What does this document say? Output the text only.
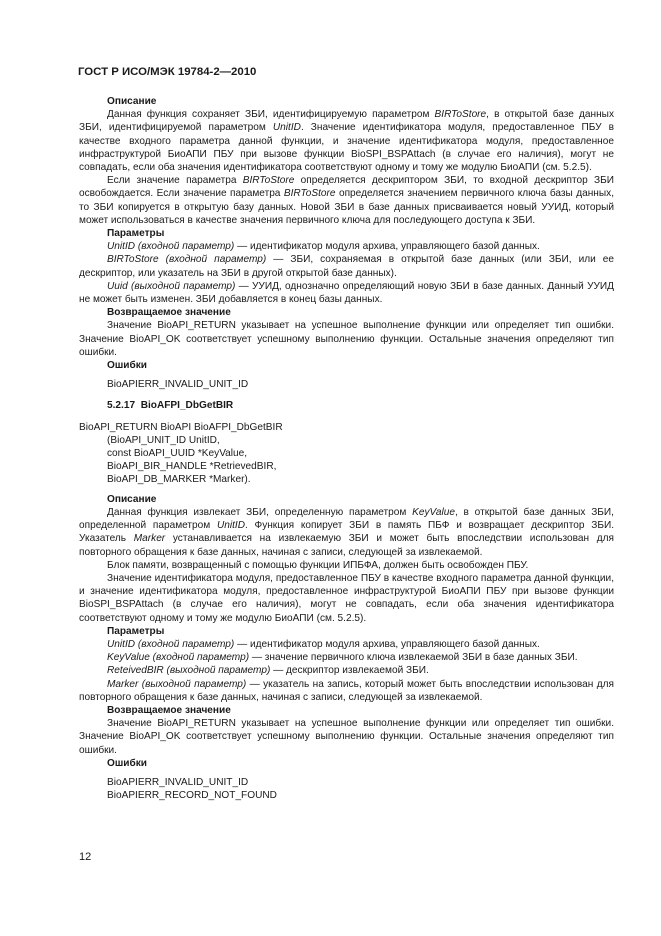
ГОСТ Р ИСО/МЭК 19784-2—2010
Описание
Данная функция сохраняет ЗБИ, идентифицируемую параметром BIRToStore, в открытой базе данных ЗБИ, идентифицируемой параметром UnitID. Значение идентификатора модуля, предоставленное ПБУ в качестве входного параметра данной функции, и значение идентификатора модуля, предоставленное инфраструктурой БиоАПИ ПБУ при вызове функции BioSPI_BSPAttach (в случае его наличия), могут не совпадать, если оба значения идентификатора соответствуют одному и тому же модулю БиоАПИ (см. 5.2.5).
Если значение параметра BIRToStore определяется дескриптором ЗБИ, то входной дескриптор ЗБИ освобождается. Если значение параметра BIRToStore определяется значением первичного ключа базы данных, то ЗБИ копируется в открытую базу данных. Новой ЗБИ в базе данных присваивается новый УУИД, который может использоваться в качестве значения первичного ключа для последующего доступа к ЗБИ.
Параметры
UnitID (входной параметр) — идентификатор модуля архива, управляющего базой данных.
BIRToStore (входной параметр) — ЗБИ, сохраняемая в открытой базе данных (или ЗБИ, или ее дескриптор, или указатель на ЗБИ в другой открытой базе данных).
Uuid (выходной параметр) — УУИД, однозначно определяющий новую ЗБИ в базе данных. Данный УУИД не может быть изменен. ЗБИ добавляется в конец базы данных.
Возвращаемое значение
Значение BioAPI_RETURN указывает на успешное выполнение функции или определяет тип ошибки. Значение BioAPI_OK соответствует успешному выполнению функции. Остальные значения определяют тип ошибки.
Ошибки
BioAPIERR_INVALID_UNIT_ID
5.2.17 BioAFPI_DbGetBIR
BioAPI_RETURN BioAPI BioAFPI_DbGetBIR
(BioAPI_UNIT_ID UnitID,
const BioAPI_UUID *KeyValue,
BioAPI_BIR_HANDLE *RetrievedBIR,
BioAPI_DB_MARKER *Marker).
Описание
Данная функция извлекает ЗБИ, определенную параметром KeyValue, в открытой базе данных ЗБИ, определенной параметром UnitID. Функция копирует ЗБИ в память ПБФ и возвращает дескриптор ЗБИ. Указатель Marker устанавливается на извлекаемую ЗБИ и может быть впоследствии использован для повторного обращения к базе данных, начиная с записи, следующей за извлекаемой.
Блок памяти, возвращенный с помощью функции ИПБФА, должен быть освобожден ПБУ.
Значение идентификатора модуля, предоставленное ПБУ в качестве входного параметра данной функции, и значение идентификатора модуля, предоставленное инфраструктурой БиоАПИ ПБУ при вызове функции BioSPI_BSPAttach (в случае его наличия), могут не совпадать, если оба значения идентификатора соответствуют одному и тому же модулю БиоАПИ (см. 5.2.5).
Параметры
UnitID (входной параметр) — идентификатор модуля архива, управляющего базой данных.
KeyValue (входной параметр) — значение первичного ключа извлекаемой ЗБИ в базе данных ЗБИ.
ReteivedBIR (выходной параметр) — дескриптор извлекаемой ЗБИ.
Marker (выходной параметр) — указатель на запись, который может быть впоследствии использован для повторного обращения к базе данных, начиная с записи, следующей за извлекаемой.
Возвращаемое значение
Значение BioAPI_RETURN указывает на успешное выполнение функции или определяет тип ошибки. Значение BioAPI_OK соответствует успешному выполнению функции. Остальные значения определяют тип ошибки.
Ошибки
BioAPIERR_INVALID_UNIT_ID
BioAPIERR_RECORD_NOT_FOUND
12
